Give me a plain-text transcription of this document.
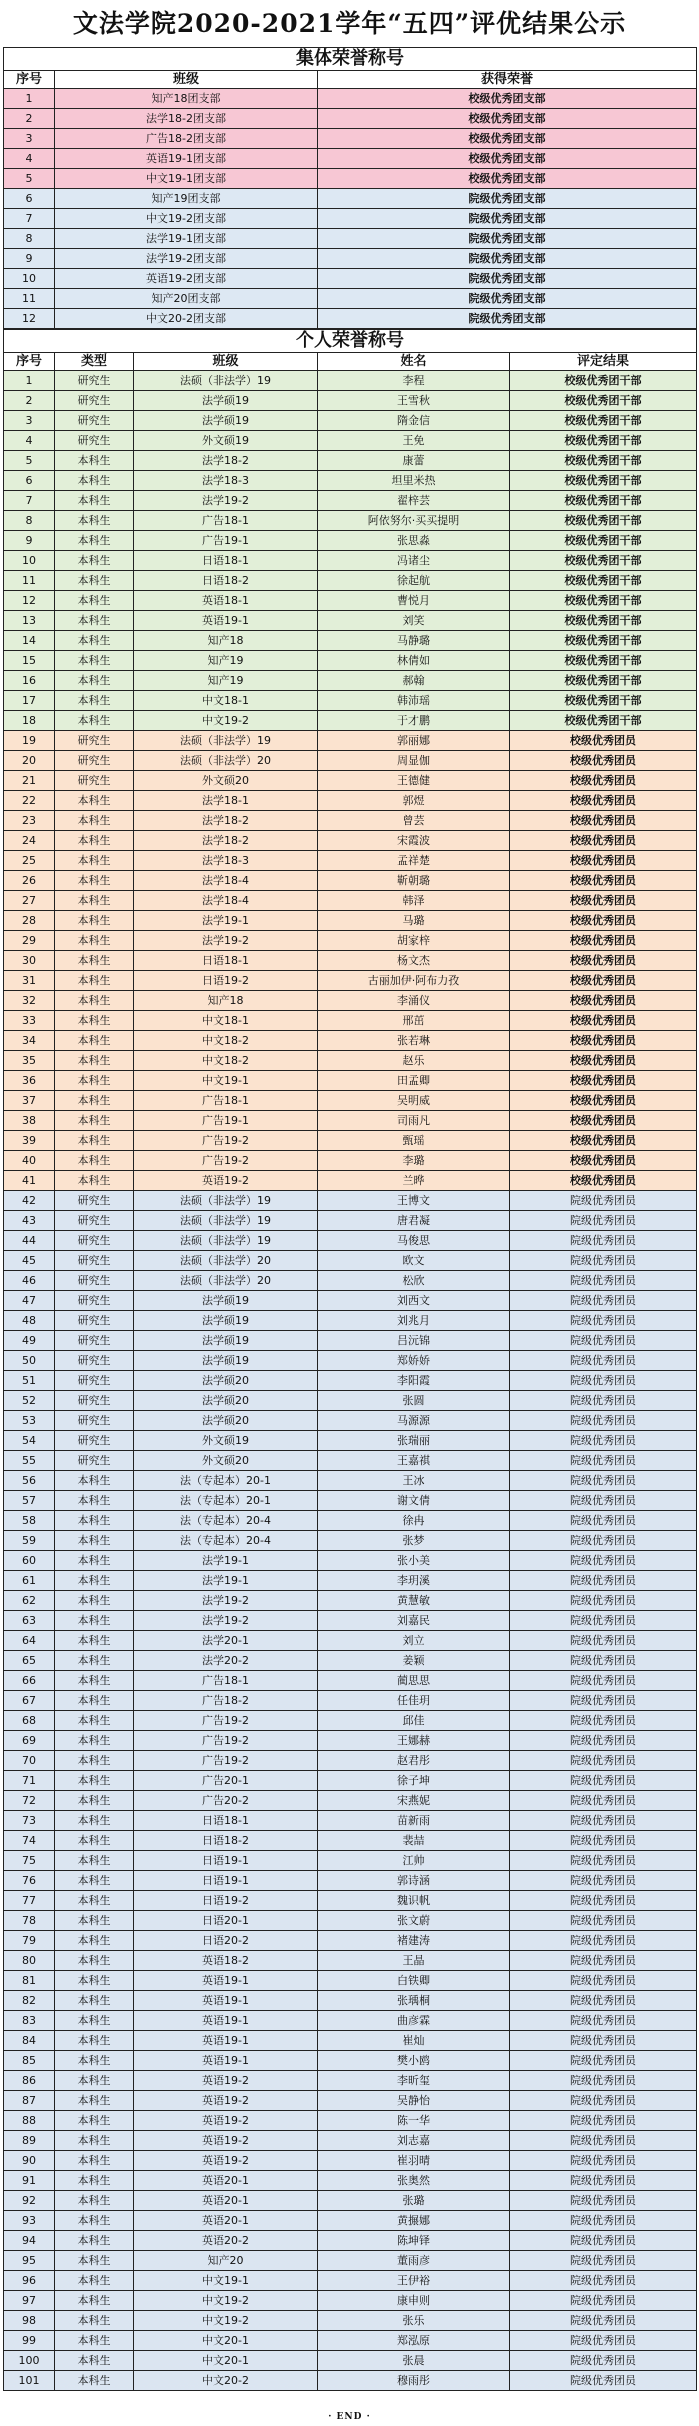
文法学院2020-2021学年“五四”评优结果公示
集体荣誉称号		
序号	班级	获得荣誉
1	知产18团支部	校级优秀团支部
2	法学18-2团支部	校级优秀团支部
3	广告18-2团支部	校级优秀团支部
4	英语19-1团支部	校级优秀团支部
5	中文19-1团支部	校级优秀团支部
6	知产19团支部	院级优秀团支部
7	中文19-2团支部	院级优秀团支部
8	法学19-1团支部	院级优秀团支部
9	法学19-2团支部	院级优秀团支部
10	英语19-2团支部	院级优秀团支部
11	知产20团支部	院级优秀团支部
12	中文20-2团支部	院级优秀团支部
个人荣誉称号				
序号	类型	班级	姓名	评定结果
1	研究生	法硕（非法学）19	李程	校级优秀团干部
2	研究生	法学硕19	王雪秋	校级优秀团干部
3	研究生	法学硕19	隋金信	校级优秀团干部
4	研究生	外文硕19	王免	校级优秀团干部
5	本科生	法学18-2	康蕾	校级优秀团干部
6	本科生	法学18-3	坦里米热	校级优秀团干部
7	本科生	法学19-2	翟梓芸	校级优秀团干部
8	本科生	广告18-1	阿依努尔·买买提明	校级优秀团干部
9	本科生	广告19-1	张思淼	校级优秀团干部
10	本科生	日语18-1	冯诸尘	校级优秀团干部
11	本科生	日语18-2	徐起航	校级优秀团干部
12	本科生	英语18-1	曹悦月	校级优秀团干部
13	本科生	英语19-1	刘笑	校级优秀团干部
14	本科生	知产18	马静璐	校级优秀团干部
15	本科生	知产19	林倩如	校级优秀团干部
16	本科生	知产19	郝翰	校级优秀团干部
17	本科生	中文18-1	韩沛瑶	校级优秀团干部
18	本科生	中文19-2	于才鹏	校级优秀团干部
19	研究生	法硕（非法学）19	郭丽娜	校级优秀团员
20	研究生	法硕（非法学）20	周显伽	校级优秀团员
21	研究生	外文硕20	王德健	校级优秀团员
22	本科生	法学18-1	郭煜	校级优秀团员
23	本科生	法学18-2	曾芸	校级优秀团员
24	本科生	法学18-2	宋霞波	校级优秀团员
25	本科生	法学18-3	孟祥楚	校级优秀团员
26	本科生	法学18-4	靳朝璐	校级优秀团员
27	本科生	法学18-4	韩泽	校级优秀团员
28	本科生	法学19-1	马璐	校级优秀团员
29	本科生	法学19-2	胡家梓	校级优秀团员
30	本科生	日语18-1	杨文杰	校级优秀团员
31	本科生	日语19-2	古丽加伊·阿布力孜	校级优秀团员
32	本科生	知产18	李涌仪	校级优秀团员
33	本科生	中文18-1	邢茁	校级优秀团员
34	本科生	中文18-2	张若琳	校级优秀团员
35	本科生	中文18-2	赵乐	校级优秀团员
36	本科生	中文19-1	田孟卿	校级优秀团员
37	本科生	广告18-1	吴明威	校级优秀团员
38	本科生	广告19-1	司雨凡	校级优秀团员
39	本科生	广告19-2	甄瑶	校级优秀团员
40	本科生	广告19-2	李璐	校级优秀团员
41	本科生	英语19-2	兰晔	校级优秀团员
42	研究生	法硕（非法学）19	王博文	院级优秀团员
43	研究生	法硕（非法学）19	唐君凝	院级优秀团员
44	研究生	法硕（非法学）19	马俊思	院级优秀团员
45	研究生	法硕（非法学）20	欧文	院级优秀团员
46	研究生	法硕（非法学）20	松欣	院级优秀团员
47	研究生	法学硕19	刘西文	院级优秀团员
48	研究生	法学硕19	刘兆月	院级优秀团员
49	研究生	法学硕19	吕沅锦	院级优秀团员
50	研究生	法学硕19	郑娇娇	院级优秀团员
51	研究生	法学硕20	李阳霞	院级优秀团员
52	研究生	法学硕20	张圆	院级优秀团员
53	研究生	法学硕20	马源源	院级优秀团员
54	研究生	外文硕19	张瑞丽	院级优秀团员
55	研究生	外文硕20	王嘉祺	院级优秀团员
56	本科生	法（专起本）20-1	王冰	院级优秀团员
57	本科生	法（专起本）20-1	谢文倩	院级优秀团员
58	本科生	法（专起本）20-4	徐冉	院级优秀团员
59	本科生	法（专起本）20-4	张梦	院级优秀团员
60	本科生	法学19-1	张小美	院级优秀团员
61	本科生	法学19-1	李玥溪	院级优秀团员
62	本科生	法学19-2	黄慧敏	院级优秀团员
63	本科生	法学19-2	刘嘉民	院级优秀团员
64	本科生	法学20-1	刘立	院级优秀团员
65	本科生	法学20-2	姜颖	院级优秀团员
66	本科生	广告18-1	蔺思思	院级优秀团员
67	本科生	广告18-2	任佳玥	院级优秀团员
68	本科生	广告19-2	邱佳	院级优秀团员
69	本科生	广告19-2	王娜赫	院级优秀团员
70	本科生	广告19-2	赵君彤	院级优秀团员
71	本科生	广告20-1	徐子坤	院级优秀团员
72	本科生	广告20-2	宋燕妮	院级优秀团员
73	本科生	日语18-1	苗新雨	院级优秀团员
74	本科生	日语18-2	裴喆	院级优秀团员
75	本科生	日语19-1	江帅	院级优秀团员
76	本科生	日语19-1	郭诗涵	院级优秀团员
77	本科生	日语19-2	魏识帆	院级优秀团员
78	本科生	日语20-1	张文蔚	院级优秀团员
79	本科生	日语20-2	褚建涛	院级优秀团员
80	本科生	英语18-2	王晶	院级优秀团员
81	本科生	英语19-1	白铁卿	院级优秀团员
82	本科生	英语19-1	张瑀桐	院级优秀团员
83	本科生	英语19-1	曲彦霖	院级优秀团员
84	本科生	英语19-1	崔灿	院级优秀团员
85	本科生	英语19-1	樊小鸥	院级优秀团员
86	本科生	英语19-2	李昕玺	院级优秀团员
87	本科生	英语19-2	吴静怡	院级优秀团员
88	本科生	英语19-2	陈一华	院级优秀团员
89	本科生	英语19-2	刘志嘉	院级优秀团员
90	本科生	英语19-2	崔羽晴	院级优秀团员
91	本科生	英语20-1	张奥然	院级优秀团员
92	本科生	英语20-1	张璐	院级优秀团员
93	本科生	英语20-1	黄搌娜	院级优秀团员
94	本科生	英语20-2	陈坤铎	院级优秀团员
95	本科生	知产20	董雨彦	院级优秀团员
96	本科生	中文19-1	王伊裕	院级优秀团员
97	本科生	中文19-2	康申则	院级优秀团员
98	本科生	中文19-2	张乐	院级优秀团员
99	本科生	中文20-1	郑泓原	院级优秀团员
100	本科生	中文20-1	张晨	院级优秀团员
101	本科生	中文20-2	穆雨彤	院级优秀团员
· END ·
